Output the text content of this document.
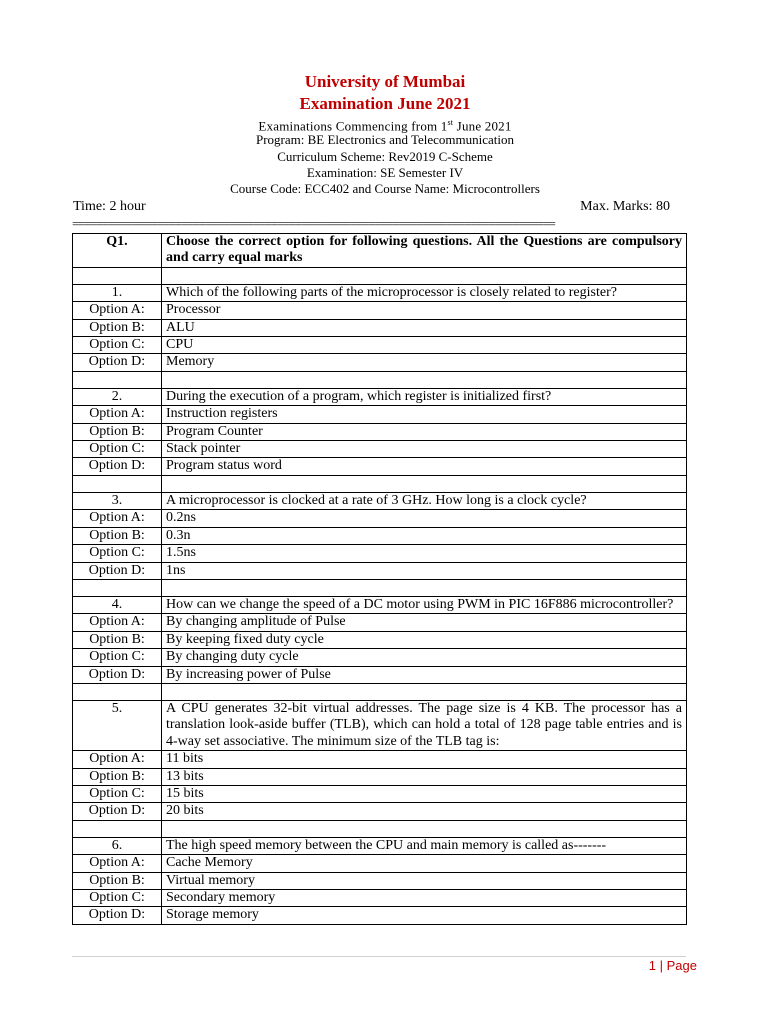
University of Mumbai
Examination June 2021
Examinations Commencing from 1st June 2021
Program: BE Electronics and Telecommunication
Curriculum Scheme: Rev2019 C-Scheme
Examination: SE Semester IV
Course Code: ECC402 and Course Name: Microcontrollers
Time: 2 hour	Max. Marks: 80
================================================================================
Q1.	Choose the correct option for following questions. All the Questions are compulsory and carry equal marks

1.	Which of the following parts of the microprocessor is closely related to register?
Option A:	Processor
Option B:	ALU
Option C:	CPU
Option D:	Memory

2.	During the execution of a program, which register is initialized first?
Option A:	Instruction registers
Option B:	Program Counter
Option C:	Stack pointer
Option D:	Program status word

3.	A microprocessor is clocked at a rate of 3 GHz. How long is a clock cycle?
Option A:	0.2ns
Option B:	0.3n
Option C:	1.5ns
Option D:	1ns

4.	How can we change the speed of a DC motor using PWM in PIC 16F886 microcontroller?
Option A:	By changing amplitude of Pulse
Option B:	By keeping fixed duty cycle
Option C:	By changing duty cycle
Option D:	By increasing power of Pulse

5.	A CPU generates 32-bit virtual addresses. The page size is 4 KB. The processor has a translation look-aside buffer (TLB), which can hold a total of 128 page table entries and is 4-way set associative. The minimum size of the TLB tag is:
Option A:	11 bits
Option B:	13 bits
Option C:	15 bits
Option D:	20 bits

6.	The high speed memory between the CPU and main memory is called as-------
Option A:	Cache Memory
Option B:	Virtual memory
Option C:	Secondary memory
Option D:	Storage memory
1 | Page
